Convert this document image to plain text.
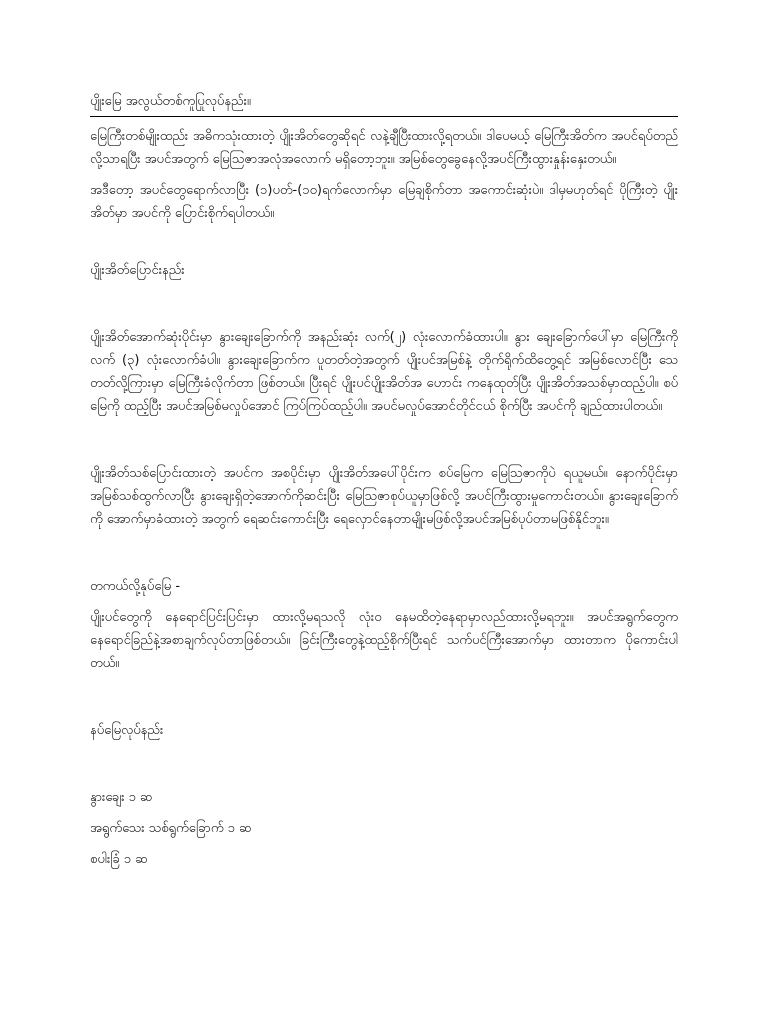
ပျိုးမြေ အလွယ်တစ်ကူပြုလုပ်နည်း။

မြေကြီးတစ်မျိုးထည်း အဓိကသုံးထားတဲ့ ပျိုးအိတ်တွေဆိုရင် လနဲ့ချီပြီးထားလို့ရတယ်။ ဒါပေမယ့် မြေကြီးအိတ်က အပင်ရပ်တည်လို့သာရပြီး အပင်အတွက် မြေဩဇာအလုံအလောက် မရှိတော့ဘူး။ အမြစ်တွေခွေနေလို့အပင်ကြီးထွားနှုန်းနှေးတယ်။

အဒီတော့ အပင်တွေရောက်လာပြီး (၁)ပတ်-(၁၀)ရက်လောက်မှာ မြေချစိုက်တာ အကောင်းဆုံးပဲ။ ဒါမှမဟုတ်ရင် ပိုကြီးတဲ့ ပျိုးအိတ်မှာ အပင်ကို ပြောင်းစိုက်ရပါတယ်။

ပျိုးအိတ်ပြောင်းနည်း

ပျိုးအိတ်အောက်ဆုံးပိုင်းမှာ နွားချေးခြောက်ကို အနည်းဆုံး လက်(၂) လုံးလောက်ခံထားပါ။ နွား ချေးခြောက်ပေါ်မှာ မြေကြီးကို လက် (၃) လုံးလောက်ခံပါ။ နွားချေးခြောက်က ပူတတ်တဲ့အတွက် ပျိုးပင်အမြစ်နဲ့ တိုက်ရိုက်ထိတွေ့ရင် အမြစ်လောင်ပြီး သေတတ်လို့ကြားမှာ မြေကြီးခံလိုက်တာ ဖြစ်တယ်။ ပြီးရင် ပျိုးပင်ပျိုးအိတ်အ ဟောင်း ကနေထုတ်ပြီး ပျိုးအိတ်အသစ်မှာထည့်ပါ။ စပ်မြေကို ထည့်ပြီး အပင်အမြစ်မလှုပ်အောင် ကြပ်ကြပ်ထည့်ပါ။ အပင်မလှုပ်အောင်တိုင်ငယ် စိုက်ပြီး အပင်ကို ချည်ထားပါတယ်။

ပျိုးအိတ်သစ်ပြောင်းထားတဲ့ အပင်က အစပိုင်းမှာ ပျိုးအိတ်အပေါ်ပိုင်းက စပ်မြေက မြေဩဇာကိုပဲ ရယူမယ်။ နောက်ပိုင်းမှာ အမြစ်သစ်ထွက်လာပြီး နွားချေးရှိတဲ့အောက်ကိုဆင်းပြီး မြေဩဇာစုပ်ယူမှာဖြစ်လို့ အပင်ကြီးထွားမှုကောင်းတယ်။ နွားချေးခြောက်ကို အောက်မှာခံထားတဲ့ အတွက် ရေဆင်းကောင်းပြီး ရေလှောင်နေတာမျိုးမဖြစ်လို့အပင်အမြစ်ပုပ်တာမဖြစ်နိုင်ဘူး။

တကယ်လို့နုပ်မြေ -

ပျိုးပင်တွေကို နေရောင်ပြင်းပြင်းမှာ ထားလို့မရသလို လုံးဝ နေမထိတဲ့နေရာမှာလည်ထားလို့မရဘူး။ အပင်အရွက်တွေက နေရောင်ခြည်နဲ့အစာချက်လုပ်တာဖြစ်တယ်။ ခြင်းကြီးတွေနဲ့ထည့်စိုက်ပြီးရင် သက်ပင်ကြီးအောက်မှာ ထားတာက ပိုကောင်းပါတယ်။

နပ်မြေလုပ်နည်း
နွားချေး ၁ ဆ
အရွက်သေး သစ်ရွက်ခြောက် ၁ ဆ
စပါးခြံ ၁ ဆ
